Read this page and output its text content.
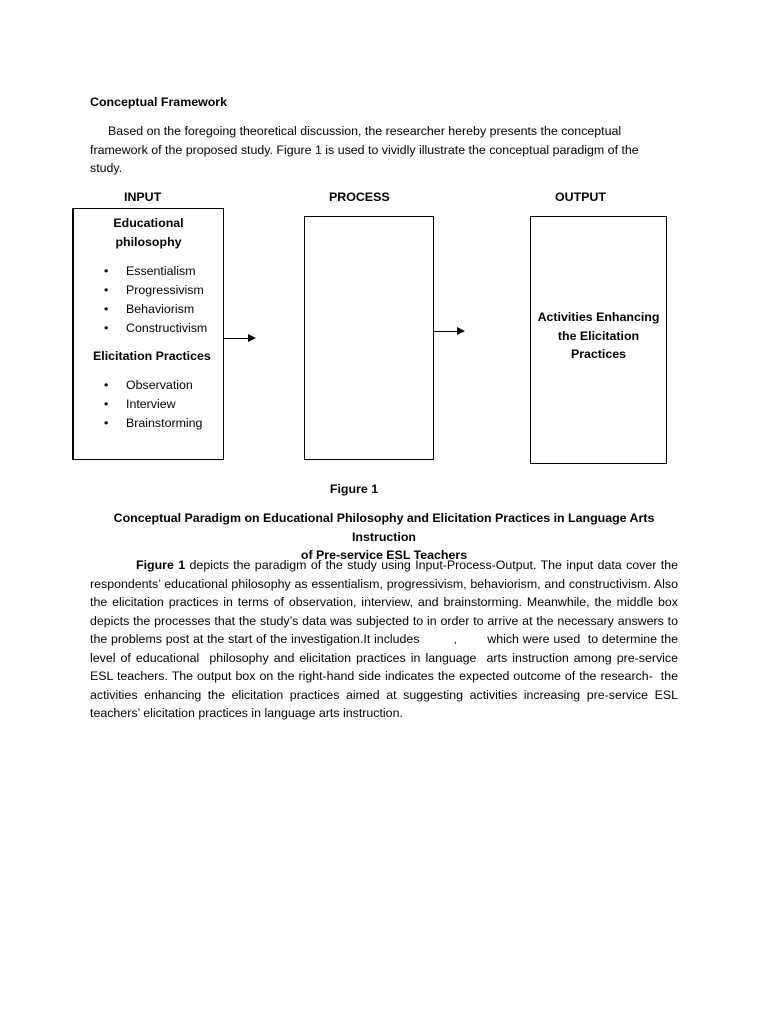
Conceptual Framework
Based on the foregoing theoretical discussion, the researcher hereby presents the conceptual framework of the proposed study. Figure 1 is used to vividly illustrate the conceptual paradigm of the study.
INPUT	PROCESS	OUTPUT
Educational
philosophy
• Essentialism
• Progressivism
• Behaviorism
• Constructivism
Elicitation Practices
• Observation
• Interview
• Brainstorming
Activities Enhancing
the Elicitation
Practices
Figure 1
Conceptual Paradigm on Educational Philosophy and Elicitation Practices in Language Arts Instruction
of Pre-service ESL Teachers

Figure 1 depicts the paradigm of the study using Input-Process-Output. The input data cover the respondents’ educational philosophy as essentialism, progressivism, behaviorism, and constructivism. Also the elicitation practices in terms of observation, interview, and brainstorming. Meanwhile, the middle box depicts the processes that the study’s data was subjected to in order to arrive at the necessary answers to the problems post at the start of the investigation.It includes         ,        which were used  to determine the level of educational  philosophy and elicitation practices in language  arts instruction among pre-service ESL teachers. The output box on the right-hand side indicates the expected outcome of the research-  the activities enhancing the elicitation practices aimed at suggesting activities increasing pre-service ESL teachers’ elicitation practices in language arts instruction.
